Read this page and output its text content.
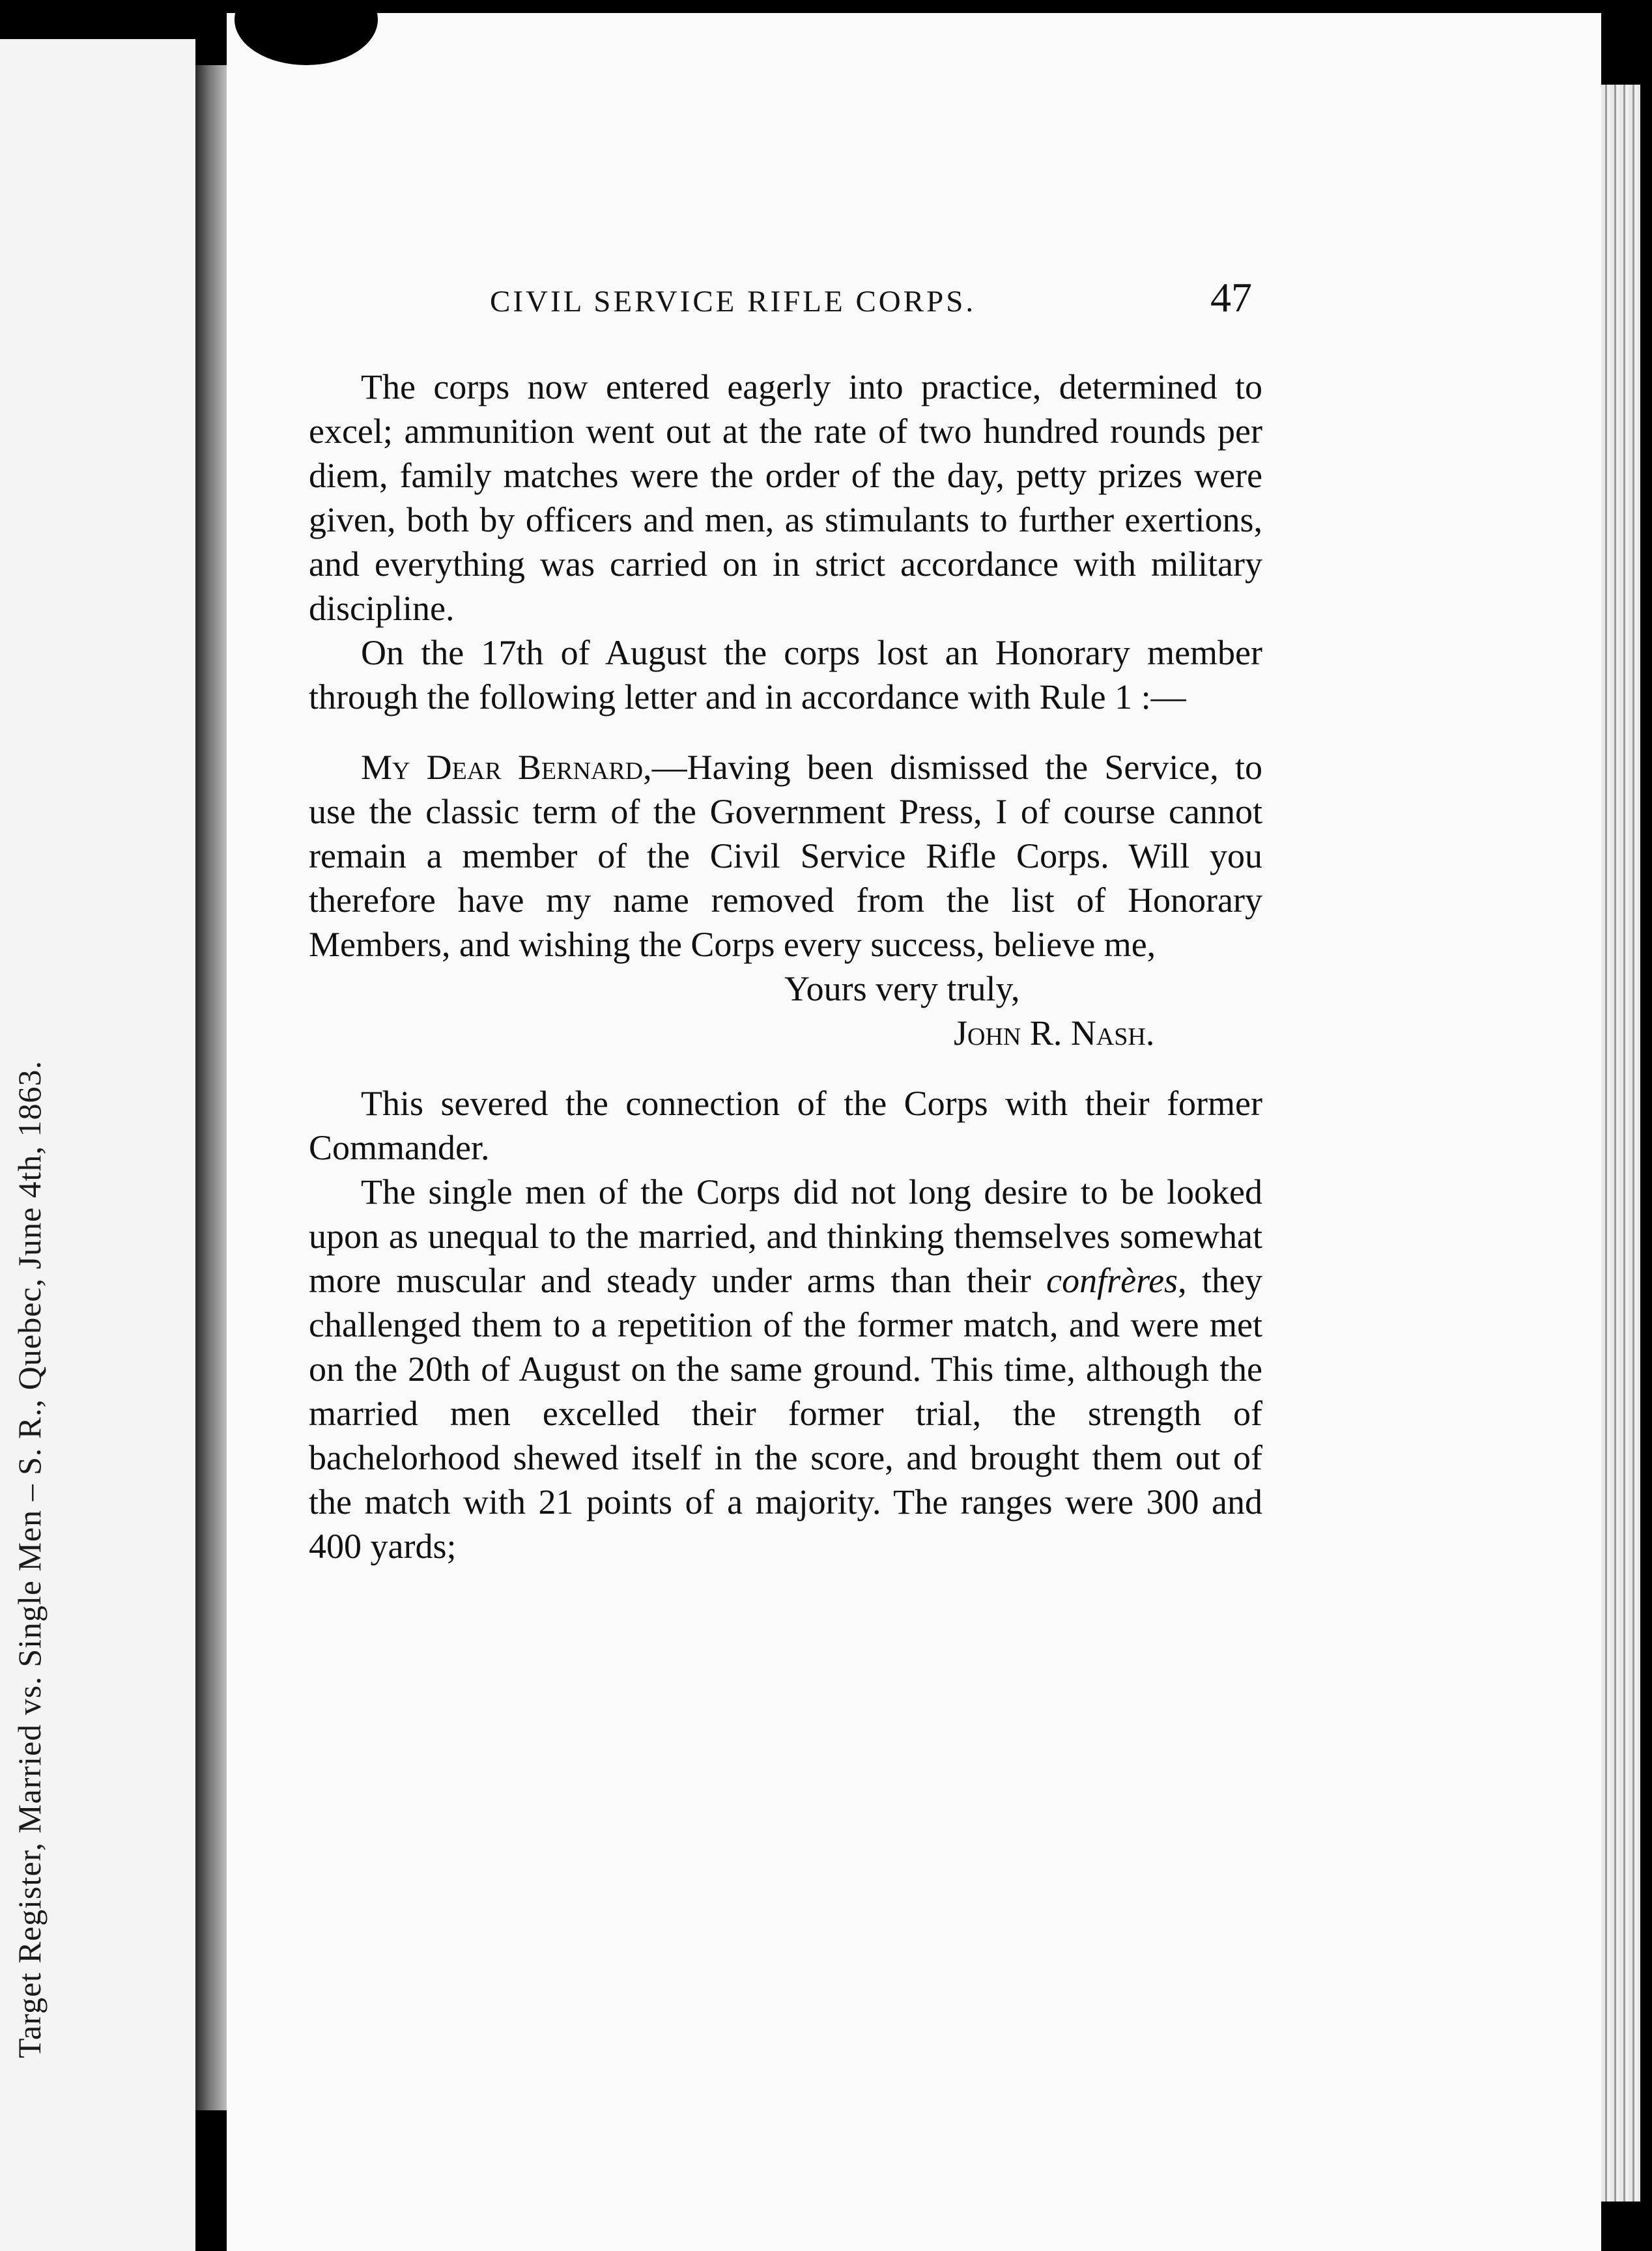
Target Register, Married vs. Single Men – S. R., Quebec, June 4th, 1863.
CIVIL SERVICE RIFLE CORPS.	47

The corps now entered eagerly into practice, determined to excel; ammunition went out at the rate of two hundred rounds per diem, family matches were the order of the day, petty prizes were given, both by officers and men, as stimulants to further exertions, and everything was carried on in strict accordance with military discipline.

On the 17th of August the corps lost an Honorary member through the following letter and in accordance with Rule 1 :—

My Dear Bernard,—Having been dismissed the Service, to use the classic term of the Government Press, I of course cannot remain a member of the Civil Service Rifle Corps. Will you therefore have my name removed from the list of Honorary Members, and wishing the Corps every success, believe me,

Yours very truly,

John R. Nash.

This severed the connection of the Corps with their former Commander.

The single men of the Corps did not long desire to be looked upon as unequal to the married, and thinking themselves somewhat more muscular and steady under arms than their confrères, they challenged them to a repetition of the former match, and were met on the 20th of August on the same ground. This time, although the married men excelled their former trial, the strength of bachelorhood shewed itself in the score, and brought them out of the match with 21 points of a majority. The ranges were 300 and 400 yards;
